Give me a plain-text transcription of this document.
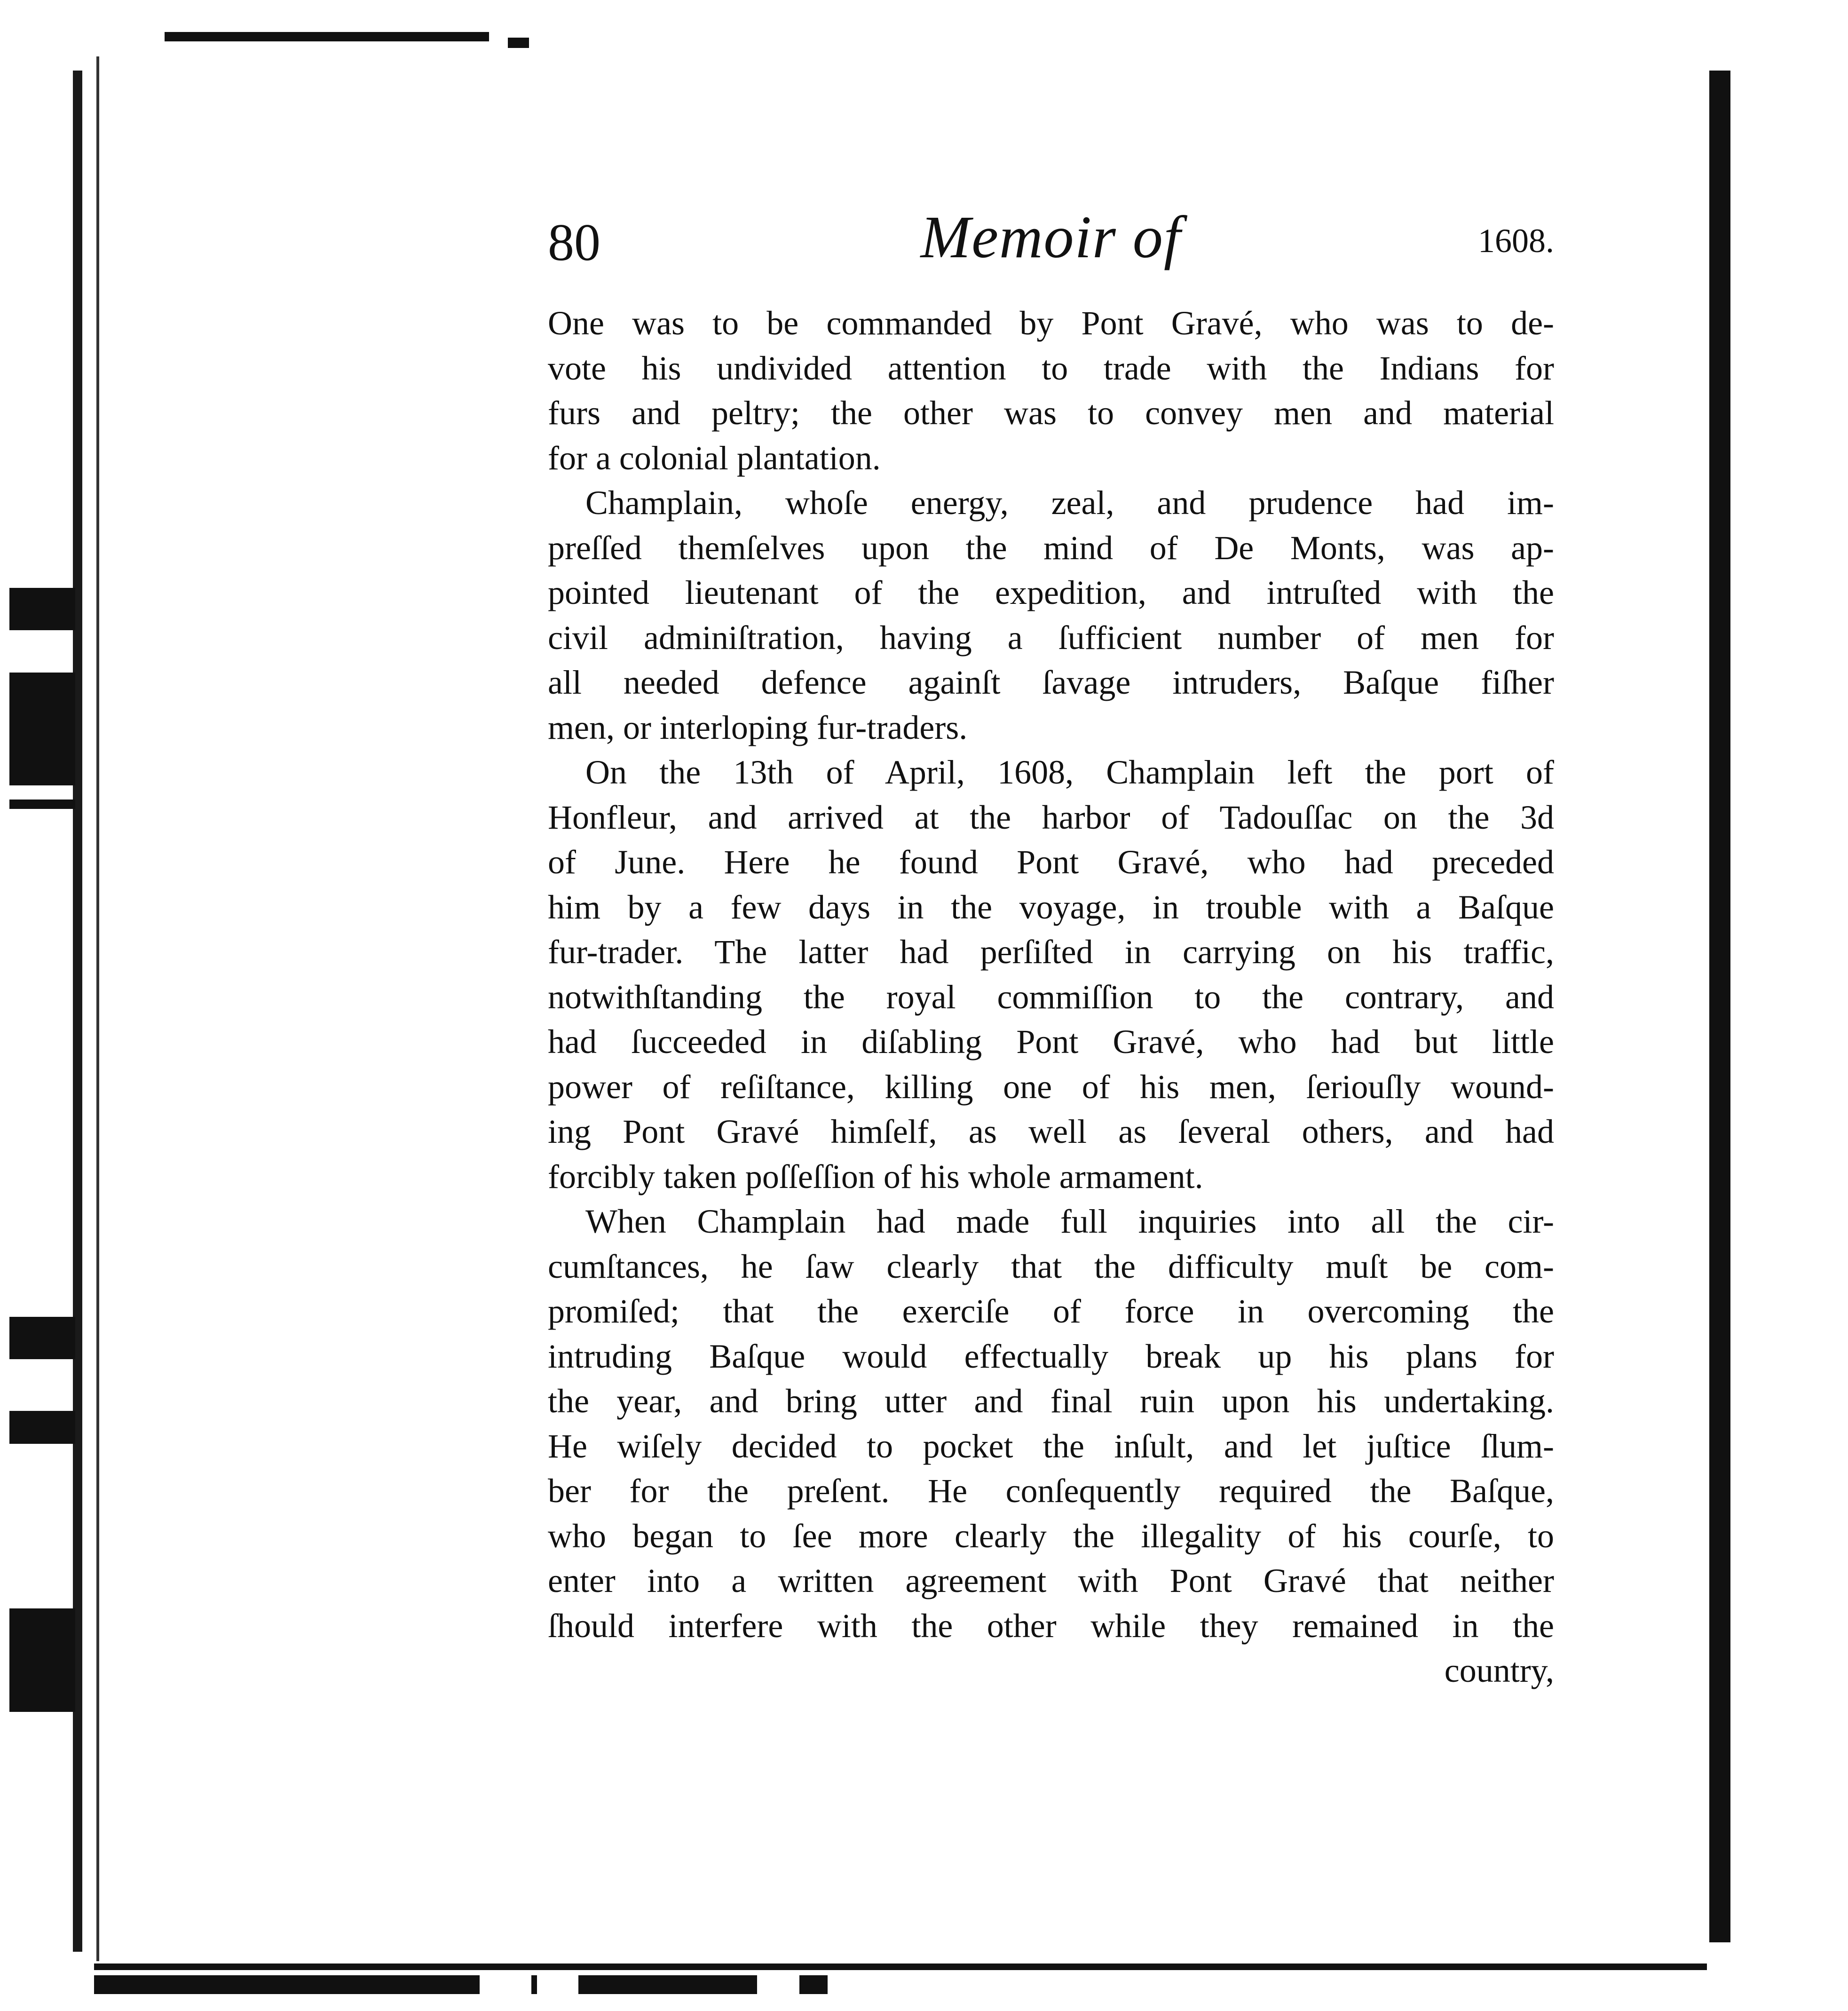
80	Memoir of	1608.

One was to be commanded by Pont Gravé, who was to de-
vote his undivided attention to trade with the Indians for
furs and peltry; the other was to convey men and material
for a colonial plantation.

Champlain, whoſe energy, zeal, and prudence had im-
preſſed themſelves upon the mind of De Monts, was ap-
pointed lieutenant of the expedition, and intruſted with the
civil adminiſtration, having a ſufficient number of men for
all needed defence againſt ſavage intruders, Baſque fiſher
men, or interloping fur-traders.

On the 13th of April, 1608, Champlain left the port of
Honfleur, and arrived at the harbor of Tadouſſac on the 3d
of June. Here he found Pont Gravé, who had preceded
him by a few days in the voyage, in trouble with a Baſque
fur-trader. The latter had perſiſted in carrying on his traffic,
notwithſtanding the royal commiſſion to the contrary, and
had ſucceeded in diſabling Pont Gravé, who had but little
power of reſiſtance, killing one of his men, ſeriouſly wound-
ing Pont Gravé himſelf, as well as ſeveral others, and had
forcibly taken poſſeſſion of his whole armament.

When Champlain had made full inquiries into all the cir-
cumſtances, he ſaw clearly that the difficulty muſt be com-
promiſed; that the exerciſe of force in overcoming the
intruding Baſque would effectually break up his plans for
the year, and bring utter and final ruin upon his undertaking.
He wiſely decided to pocket the inſult, and let juſtice ſlum-
ber for the preſent. He conſequently required the Baſque,
who began to ſee more clearly the illegality of his courſe, to
enter into a written agreement with Pont Gravé that neither
ſhould interfere with the other while they remained in the

country,
